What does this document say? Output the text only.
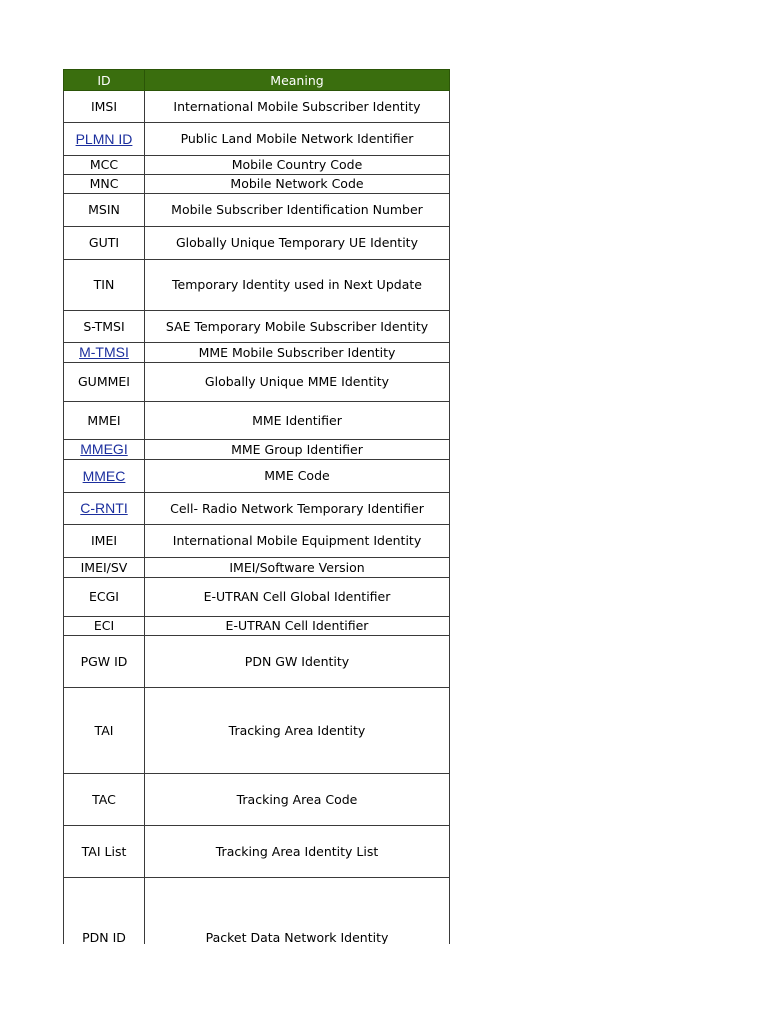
ID	Meaning
IMSI	International Mobile Subscriber Identity
PLMN ID	Public Land Mobile Network Identifier
MCC	Mobile Country Code
MNC	Mobile Network Code
MSIN	Mobile Subscriber Identification Number
GUTI	Globally Unique Temporary UE Identity
TIN	Temporary Identity used in Next Update
S-TMSI	SAE Temporary Mobile Subscriber Identity
M-TMSI	MME Mobile Subscriber Identity
GUMMEI	Globally Unique MME Identity
MMEI	MME Identifier
MMEGI	MME Group Identifier
MMEC	MME Code
C-RNTI	Cell- Radio Network Temporary Identifier
IMEI	International Mobile Equipment Identity
IMEI/SV	IMEI/Software Version
ECGI	E-UTRAN Cell Global Identifier
ECI	E-UTRAN Cell Identifier
PGW ID	PDN GW Identity
TAI	Tracking Area Identity
TAC	Tracking Area Code
TAI List	Tracking Area Identity List
PDN ID	Packet Data Network Identity
